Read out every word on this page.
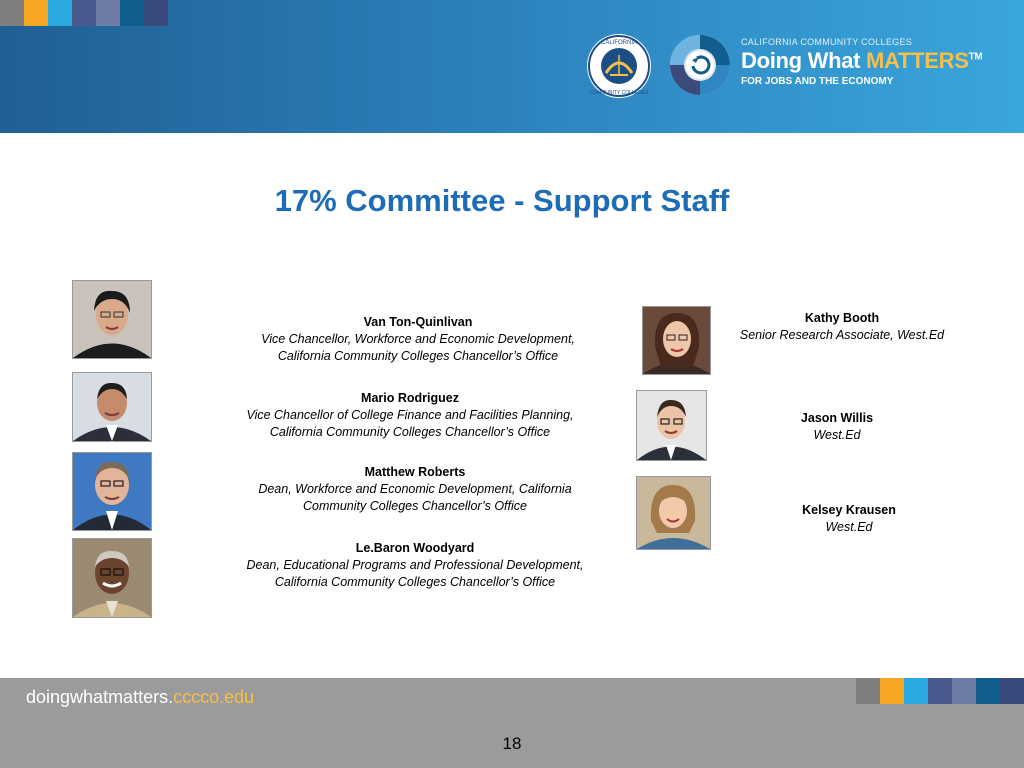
CALIFORNIA
COMMUNITY COLLEGES
CALIFORNIA COMMUNITY COLLEGES
Doing What MATTERS™
FOR JOBS AND THE ECONOMY
17% Committee - Support Staff
Van Ton-Quinlivan
Vice Chancellor, Workforce and Economic Development,
California Community Colleges Chancellor’s Office
Mario Rodriguez
Vice Chancellor of College Finance and Facilities Planning,
California Community Colleges Chancellor’s Office
Matthew Roberts
Dean, Workforce and Economic Development, California
Community Colleges Chancellor’s Office
Le.Baron Woodyard
Dean, Educational Programs and Professional Development,
California Community Colleges Chancellor’s Office
Kathy Booth
Senior Research Associate, West.Ed
Jason Willis
West.Ed
Kelsey Krausen
West.Ed
doingwhatmatters.cccco.edu
18
